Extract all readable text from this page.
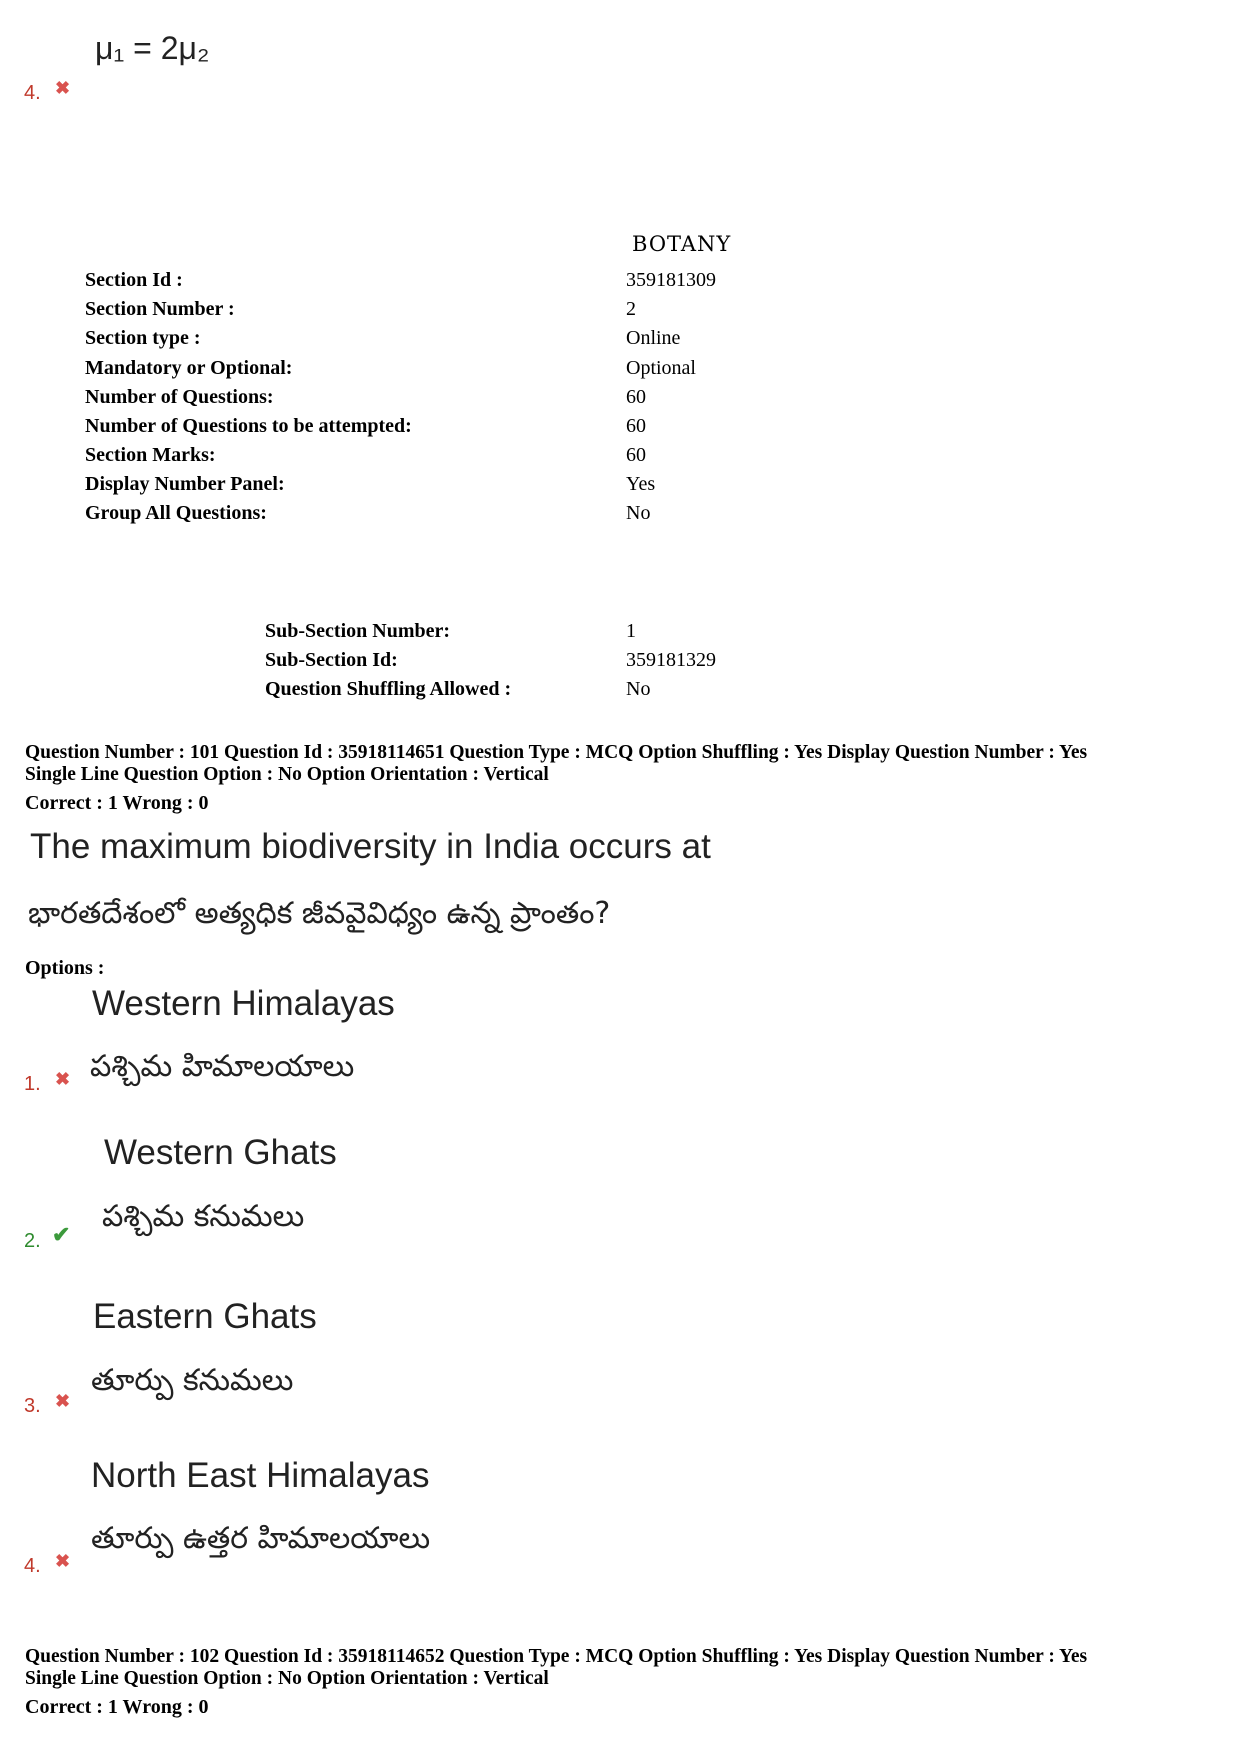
μ₁ = 2μ₂
4. ✖
BOTANY
Section Id :	359181309
Section Number :	2
Section type :	Online
Mandatory or Optional:	Optional
Number of Questions:	60
Number of Questions to be attempted:	60
Section Marks:	60
Display Number Panel:	Yes
Group All Questions:	No
Sub-Section Number:	1
Sub-Section Id:	359181329
Question Shuffling Allowed :	No
Question Number : 101 Question Id : 35918114651 Question Type : MCQ Option Shuffling : Yes Display Question Number : Yes
Single Line Question Option : No Option Orientation : Vertical
Correct : 1 Wrong : 0
The maximum biodiversity in India occurs at
భారతదేశంలో అత్యధిక జీవవైవిధ్యం ఉన్న ప్రాంతం?
Options :
Western Himalayas
పశ్చిమ హిమాలయాలు
1. ✖
Western Ghats
పశ్చిమ కనుమలు
2. ✔
Eastern Ghats
తూర్పు కనుమలు
3. ✖
North East Himalayas
తూర్పు ఉత్తర హిమాలయాలు
4. ✖
Question Number : 102 Question Id : 35918114652 Question Type : MCQ Option Shuffling : Yes Display Question Number : Yes
Single Line Question Option : No Option Orientation : Vertical
Correct : 1 Wrong : 0
